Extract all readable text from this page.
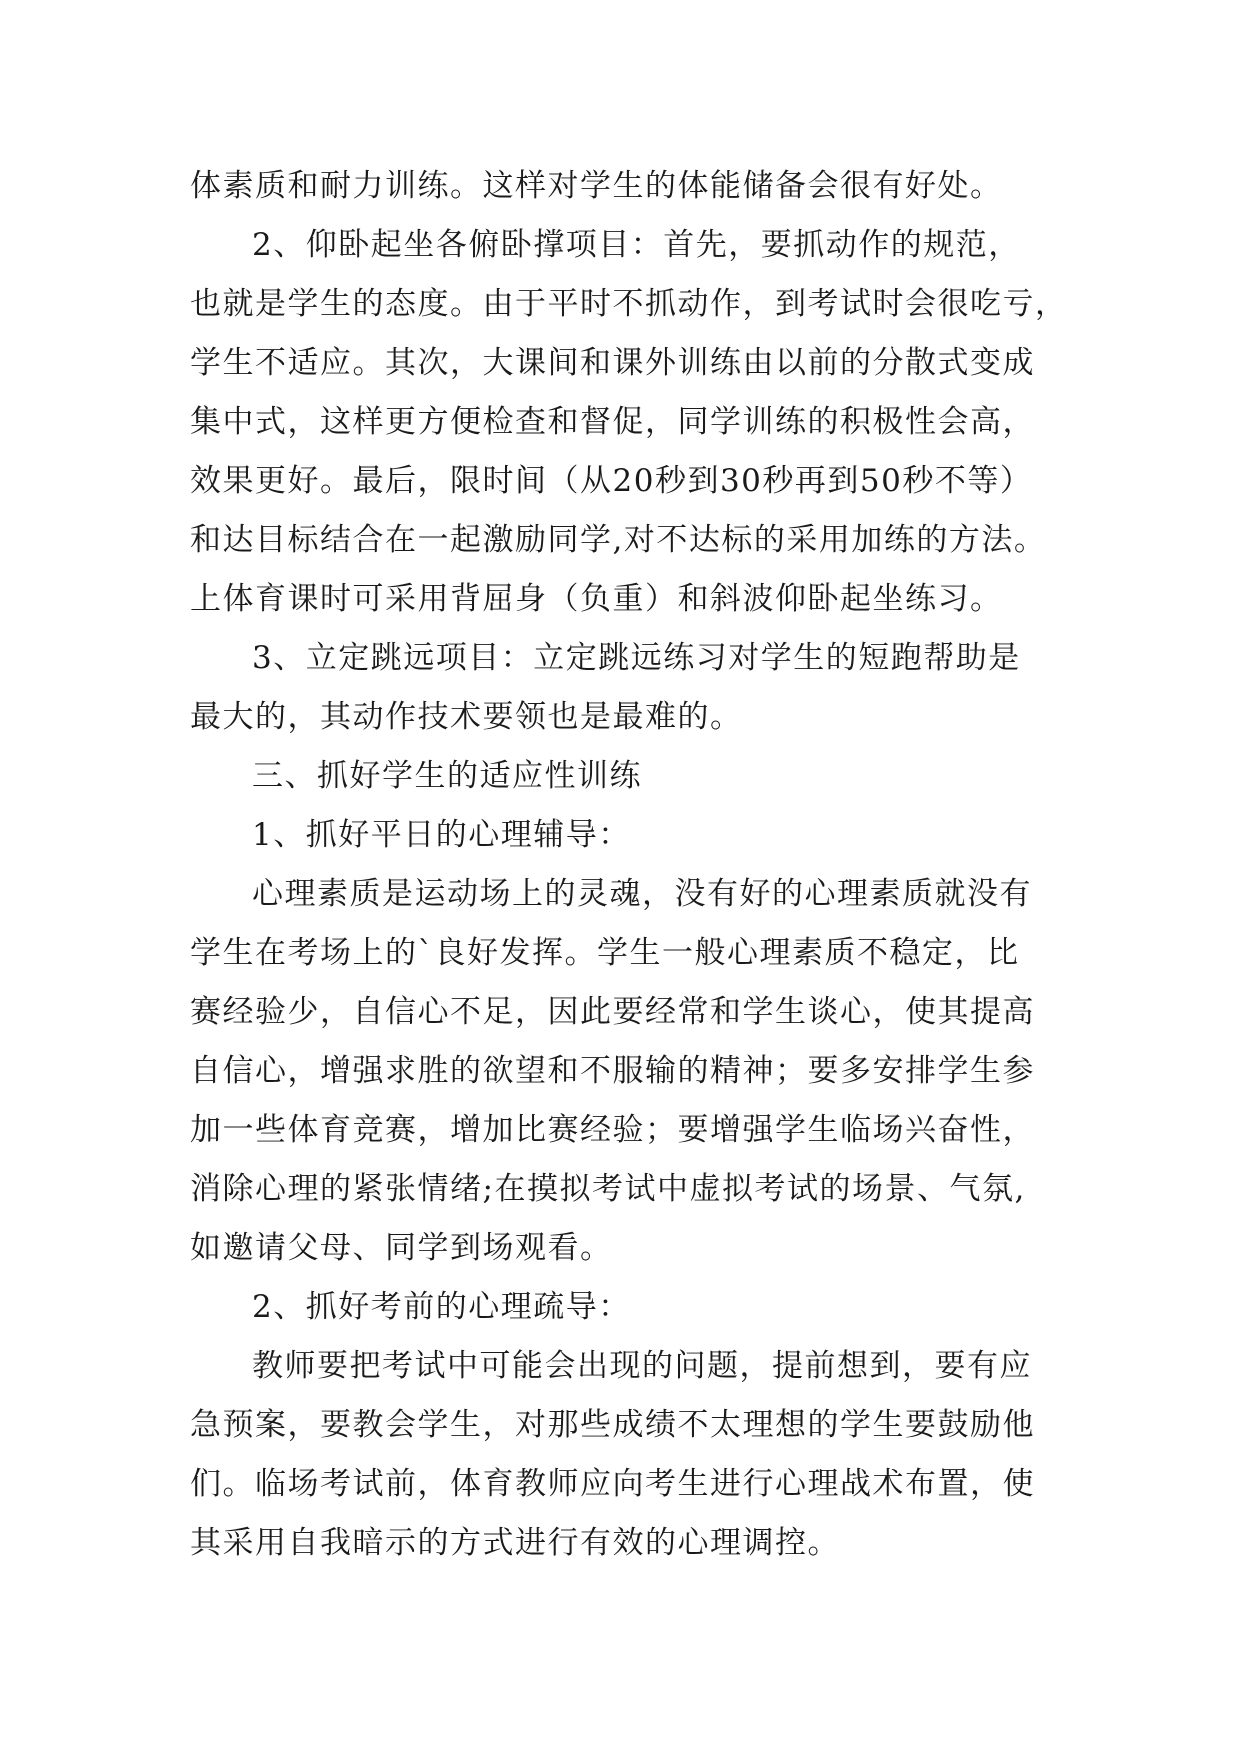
体素质和耐力训练。这样对学生的体能储备会很有好处。

2、仰卧起坐各俯卧撑项目：首先，要抓动作的规范，

也就是学生的态度。由于平时不抓动作，到考试时会很吃亏，

学生不适应。其次，大课间和课外训练由以前的分散式变成

集中式，这样更方便检查和督促，同学训练的积极性会高，

效果更好。最后，限时间（从20秒到30秒再到50秒不等）

和达目标结合在一起激励同学,对不达标的采用加练的方法。

上体育课时可采用背屈身（负重）和斜波仰卧起坐练习。

3、立定跳远项目：立定跳远练习对学生的短跑帮助是

最大的，其动作技术要领也是最难的。

三、抓好学生的适应性训练

1、抓好平日的心理辅导：

心理素质是运动场上的灵魂，没有好的心理素质就没有

学生在考场上的`良好发挥。学生一般心理素质不稳定，比

赛经验少，自信心不足，因此要经常和学生谈心，使其提高

自信心，增强求胜的欲望和不服输的精神；要多安排学生参

加一些体育竞赛，增加比赛经验；要增强学生临场兴奋性，

消除心理的紧张情绪;在摸拟考试中虚拟考试的场景、气氛,

如邀请父母、同学到场观看。

2、抓好考前的心理疏导：

教师要把考试中可能会出现的问题，提前想到，要有应

急预案，要教会学生，对那些成绩不太理想的学生要鼓励他

们。临场考试前，体育教师应向考生进行心理战术布置，使

其采用自我暗示的方式进行有效的心理调控。
